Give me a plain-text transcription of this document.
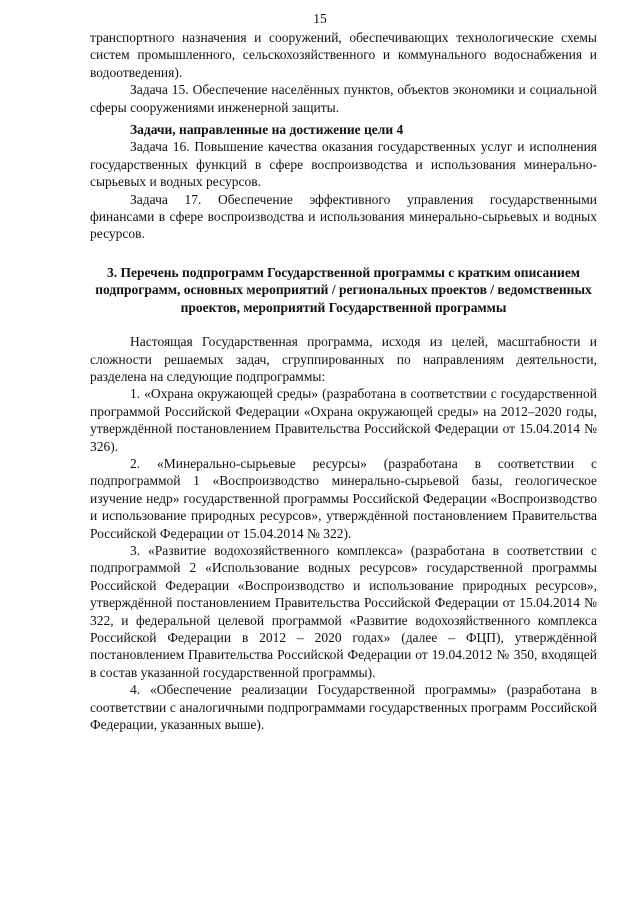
15

транспортного назначения и сооружений, обеспечивающих технологические схемы систем промышленного, сельскохозяйственного и коммунального водоснабжения и водоотведения).

Задача 15. Обеспечение населённых пунктов, объектов экономики и социальной сферы сооружениями инженерной защиты.

Задачи, направленные на достижение цели 4

Задача 16. Повышение качества оказания государственных услуг и исполнения государственных функций в сфере воспроизводства и использования минерально-сырьевых и водных ресурсов.

Задача 17. Обеспечение эффективного управления государственными финансами в сфере воспроизводства и использования минерально-сырьевых и водных ресурсов.

3. Перечень подпрограмм Государственной программы с кратким описанием подпрограмм, основных мероприятий / региональных проектов / ведомственных проектов, мероприятий Государственной программы

Настоящая Государственная программа, исходя из целей, масштабности и сложности решаемых задач, сгруппированных по направлениям деятельности, разделена на следующие подпрограммы:

1. «Охрана окружающей среды» (разработана в соответствии с государственной программой Российской Федерации «Охрана окружающей среды» на 2012–2020 годы, утверждённой постановлением Правительства Российской Федерации от 15.04.2014 № 326).

2. «Минерально-сырьевые ресурсы» (разработана в соответствии с подпрограммой 1 «Воспроизводство минерально-сырьевой базы, геологическое изучение недр» государственной программы Российской Федерации «Воспроизводство и использование природных ресурсов», утверждённой постановлением Правительства Российской Федерации от 15.04.2014 № 322).

3. «Развитие водохозяйственного комплекса» (разработана в соответствии с подпрограммой 2 «Использование водных ресурсов» государственной программы Российской Федерации «Воспроизводство и использование природных ресурсов», утверждённой постановлением Правительства Российской Федерации от 15.04.2014 № 322, и федеральной целевой программой «Развитие водохозяйственного комплекса Российской Федерации в 2012 – 2020 годах» (далее – ФЦП), утверждённой постановлением Правительства Российской Федерации от 19.04.2012 № 350, входящей в состав указанной государственной программы).

4. «Обеспечение реализации Государственной программы» (разработана в соответствии с аналогичными подпрограммами государственных программ Российской Федерации, указанных выше).
